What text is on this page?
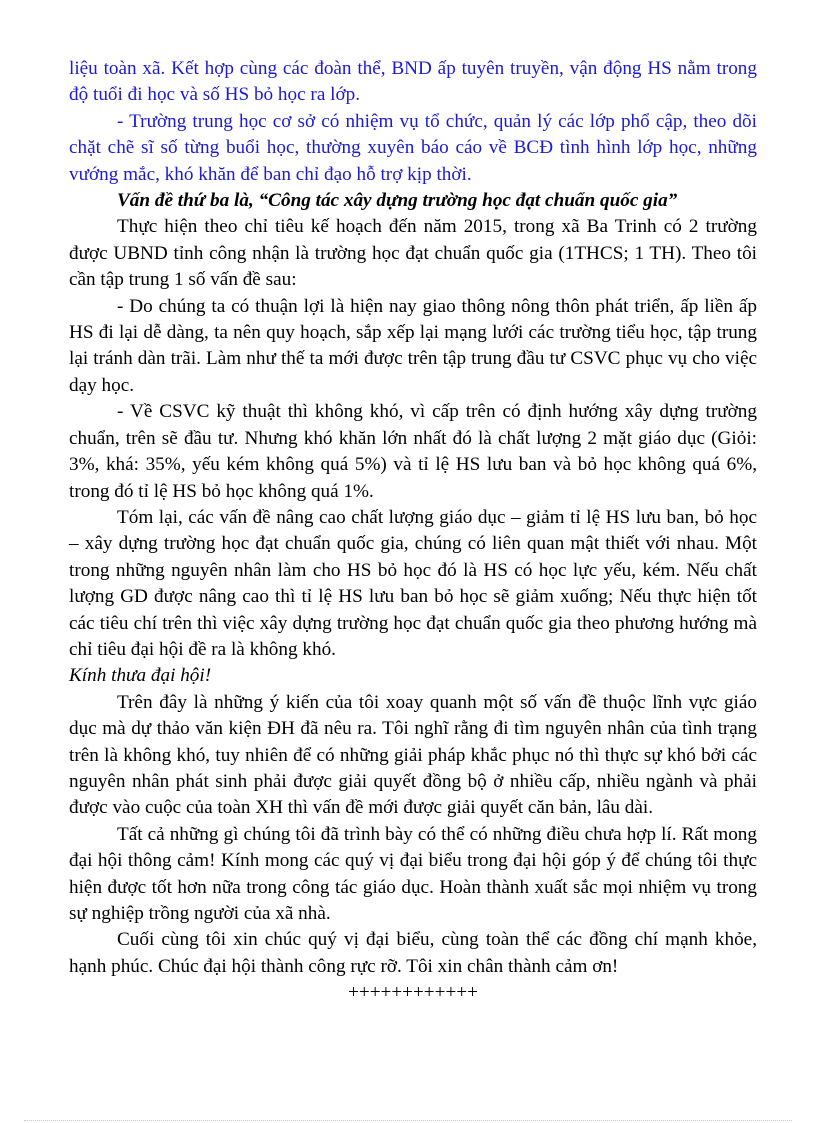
liệu toàn xã. Kết hợp cùng các đoàn thể, BND ấp tuyên truyền, vận động HS nằm trong độ tuổi đi học và số HS bỏ học ra lớp.

- Trường trung học cơ sở có nhiệm vụ tổ chức, quản lý các lớp phổ cập, theo dõi chặt chẽ sĩ số từng buổi học, thường xuyên báo cáo về BCĐ tình hình lớp học, những vướng mắc, khó khăn để ban chỉ đạo hỗ trợ kịp thời.

Vấn đề thứ ba là, “Công tác xây dựng trường học đạt chuẩn quốc gia”

Thực hiện theo chỉ tiêu kế hoạch đến năm 2015, trong xã Ba Trinh có 2 trường được UBND tỉnh công nhận là trường học đạt chuẩn quốc gia (1THCS; 1 TH). Theo tôi cần tập trung 1 số vấn đề sau:

- Do chúng ta có thuận lợi là hiện nay giao thông nông thôn phát triển, ấp liền ấp HS đi lại dễ dàng, ta nên quy hoạch, sắp xếp lại mạng lưới các trường tiểu học, tập trung lại tránh dàn trãi. Làm như thế ta mới được trên tập trung đầu tư CSVC phục vụ cho việc dạy học.

- Về CSVC kỹ thuật thì không khó, vì cấp trên có định hướng xây dựng trường chuẩn, trên sẽ đầu tư. Nhưng khó khăn lớn nhất đó là chất lượng 2 mặt giáo dục (Giỏi: 3%, khá: 35%, yếu kém không quá 5%) và tỉ lệ HS lưu ban và bỏ học không quá 6%, trong đó tỉ lệ HS bỏ học không quá 1%.

Tóm lại, các vấn đề nâng cao chất lượng giáo dục – giảm tỉ lệ HS lưu ban, bỏ học – xây dựng trường học đạt chuẩn quốc gia, chúng có liên quan mật thiết với nhau. Một trong những nguyên nhân làm cho HS bỏ học đó là HS có học lực yếu, kém. Nếu chất lượng GD được nâng cao thì tỉ lệ HS lưu ban bỏ học sẽ giảm xuống; Nếu thực hiện tốt các tiêu chí trên thì việc xây dựng trường học đạt chuẩn quốc gia theo phương hướng mà chỉ tiêu đại hội đề ra là không khó.

Kính thưa đại hội!

Trên đây là những ý kiến của tôi xoay quanh một số vấn đề thuộc lĩnh vực giáo dục mà dự thảo văn kiện ĐH đã nêu ra. Tôi nghĩ rằng đi tìm nguyên nhân của tình trạng trên là không khó, tuy nhiên để có những giải pháp khắc phục nó thì thực sự khó bởi các nguyên nhân phát sinh phải được giải quyết đồng bộ ở nhiều cấp, nhiều ngành và phải được vào cuộc của toàn XH thì vấn đề mới được giải quyết căn bản, lâu dài.

Tất cả những gì chúng tôi đã trình bày có thể có những điều chưa hợp lí. Rất mong đại hội thông cảm! Kính mong các quý vị đại biểu trong đại hội góp ý để chúng tôi thực hiện được tốt hơn nữa trong công tác giáo dục. Hoàn thành xuất sắc mọi nhiệm vụ trong sự nghiệp trồng người của xã nhà.

Cuối cùng tôi xin chúc quý vị đại biểu, cùng toàn thể các đồng chí mạnh khỏe, hạnh phúc. Chúc đại hội thành công rực rỡ. Tôi xin chân thành cảm ơn!

++++++++++++
